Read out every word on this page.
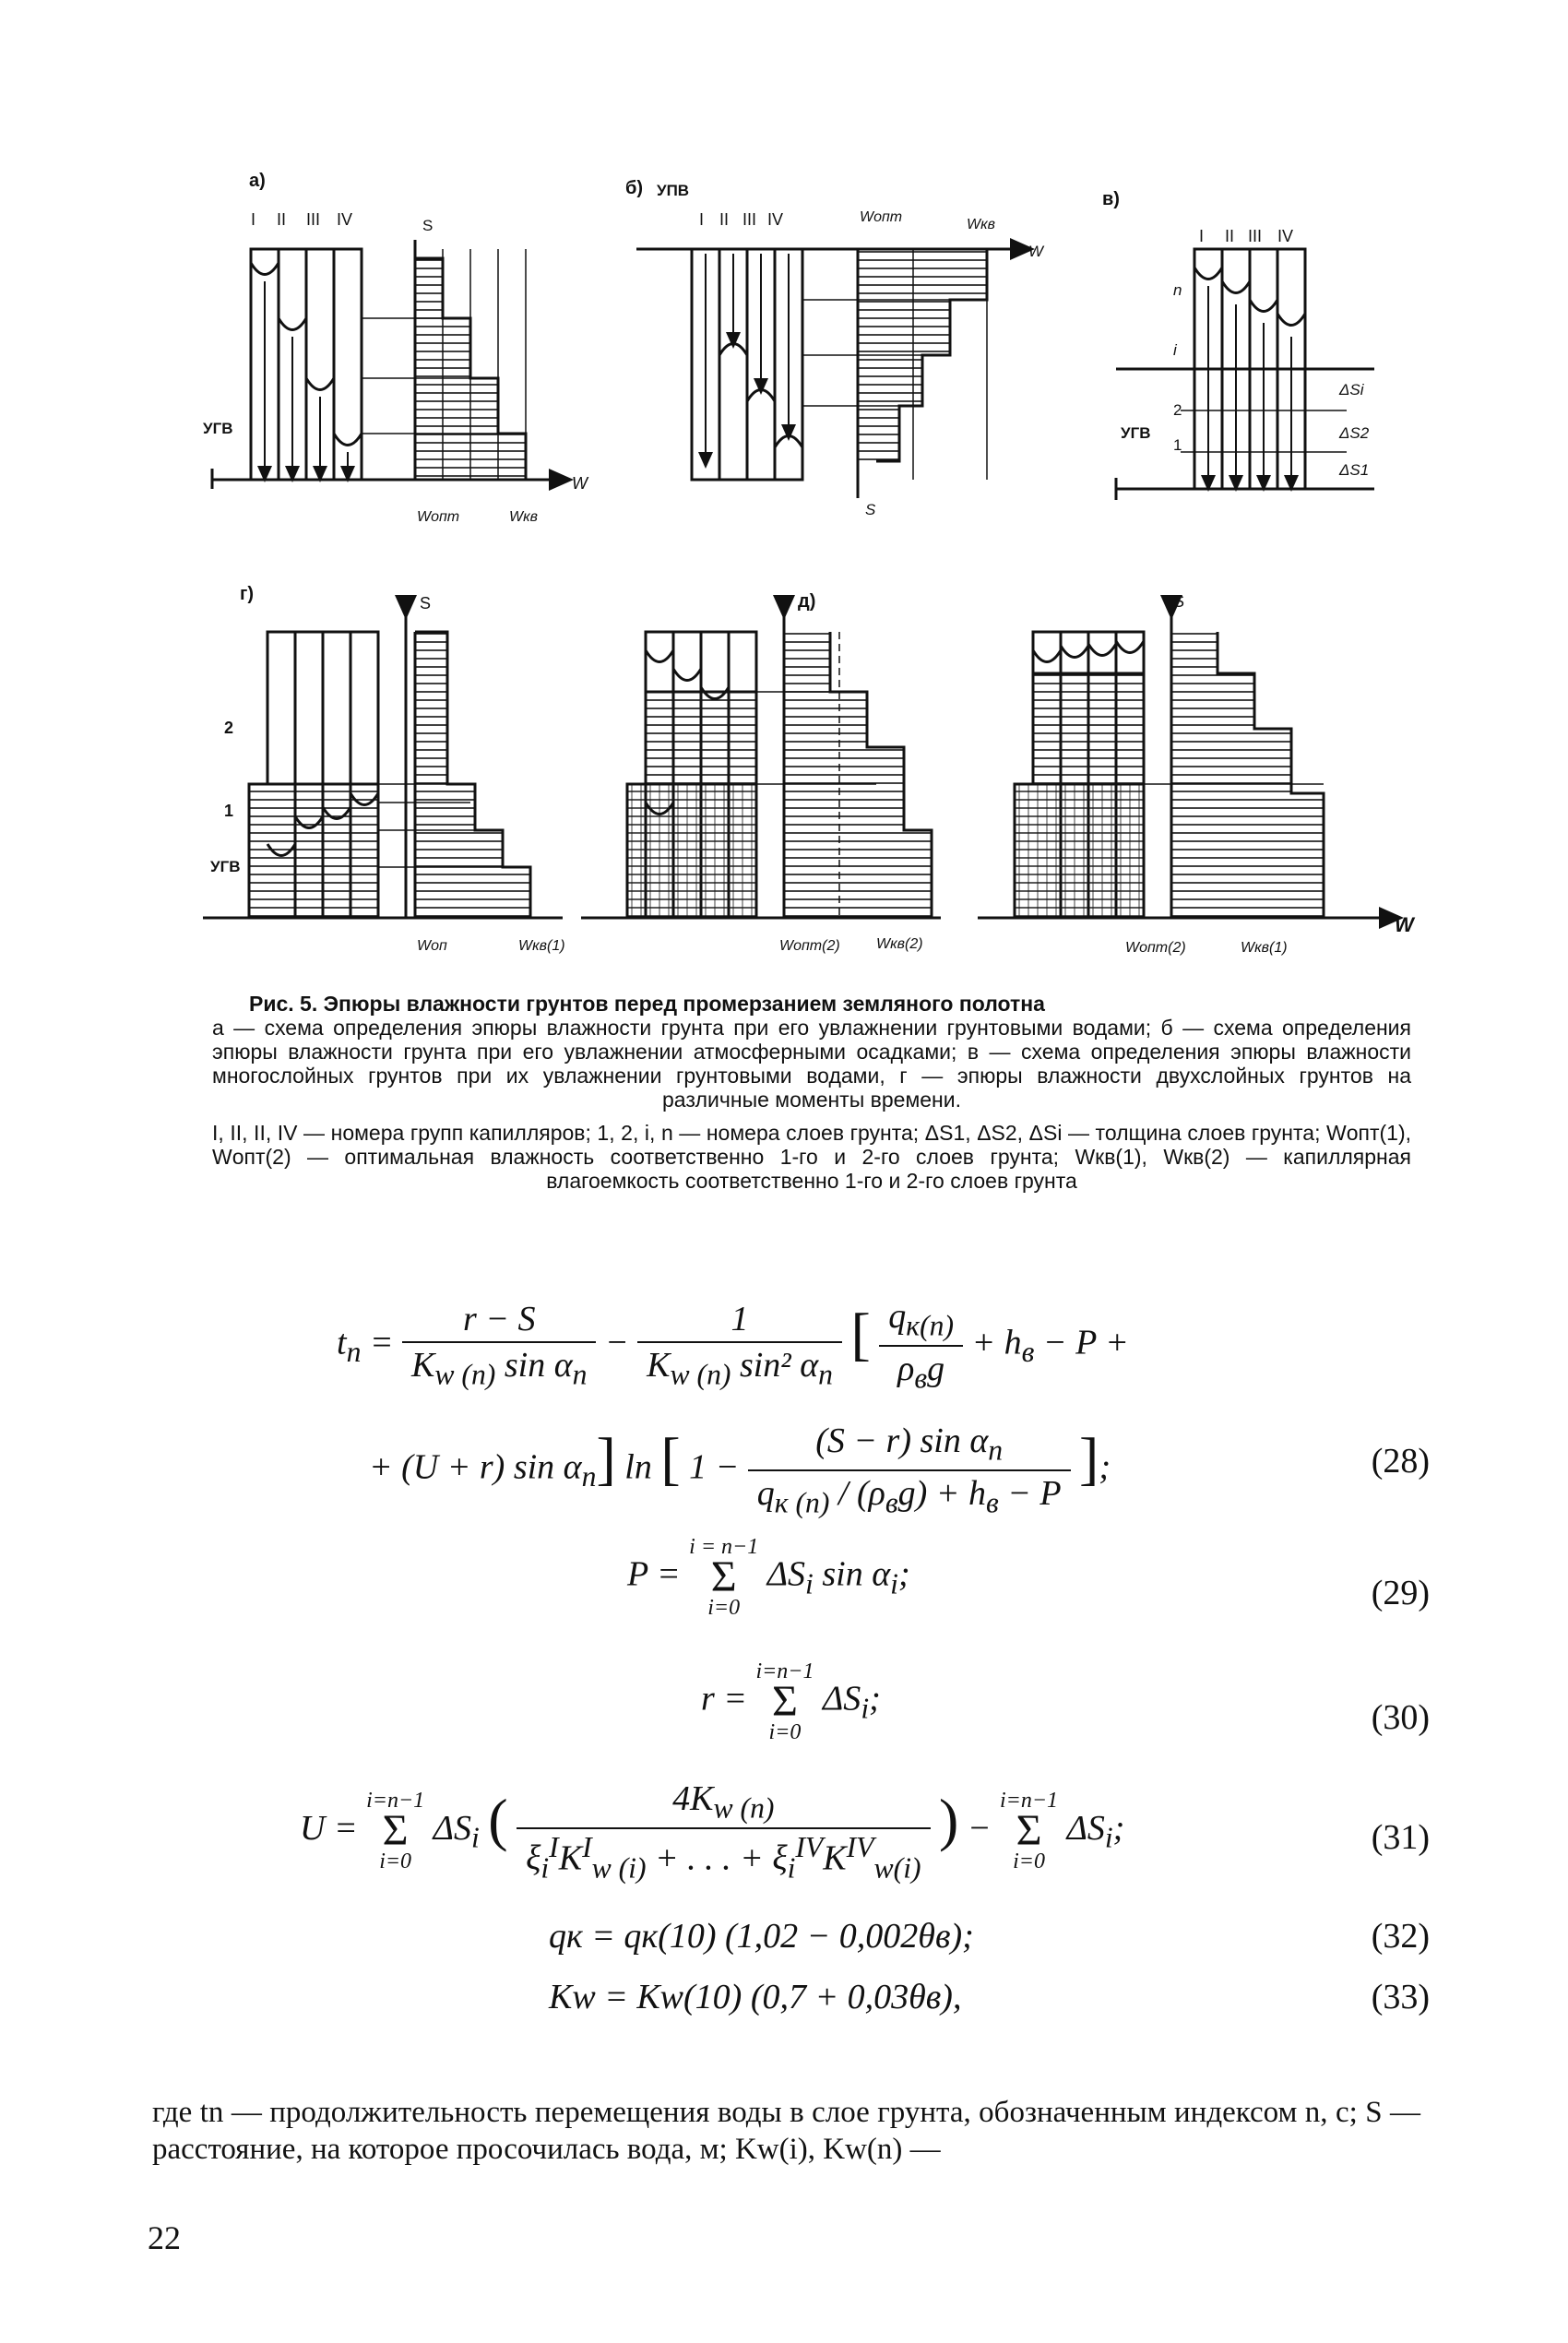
а)
I II III IV
УГВ
S
W
Wопт	Wкв
б) УПВ
I II III IV	Wопт	Wкв
W
S
в)
I II III IV
n
i
2
1
ΔSi
ΔS2
ΔS1
УГВ
г)
2
1
УГВ
S
Wоп	Wкв(1)
д)
Wопт(2) Wкв(2)
S
Wопт(2)	Wкв(1)
W
Рис. 5. Эпюры влажности грунтов перед промерзанием земляного полотна
а — схема определения эпюры влажности грунта при его увлажнении грунтовыми водами; б — схема определения эпюры влажности грунта при его увлажнении атмосферными осадками; в — схема определения эпюры влажности многослойных грунтов при их увлажнении грунтовыми водами, г — эпюры влажности двухслойных грунтов на различные моменты времени.
I, II, II, IV — номера групп капилляров; 1, 2, i, n — номера слоев грунта; ΔS1, ΔS2, ΔSi — толщина слоев грунта; Wопт(1), Wопт(2) — оптимальная влажность соответственно 1-го и 2-го слоев грунта; Wкв(1), Wкв(2) — капиллярная влагоемкость соответственно 1-го и 2-го слоев грунта
$t_n = \frac{r - S}{K_{w (n)} \sin \alpha_n} - \frac{1}{K_{w (n)} \sin^2 \alpha_n}$ [ $\frac{q_{к(n)}}{\rho_вg} + h_в - P$ +
+ (U + r) $\sin \alpha_n$] ln [ $1 - \frac{(S - r) \sin \alpha_n}{q_{к (n)} / (\rho_вg) + h_в - P}$ ];	(28)
P = i = n−1
Σ
i=0 $\Delta S_i$ $\sin \alpha_i$;	(29)
r = i=n−1
Σ
i=0 $\Delta S_i$;	(30)
U = i=n−1
Σ
i=0 $\Delta S_i$ ( $\frac{4K_{w (n)}}{\xi_i^IK^I_{w (i)} + . . . + \xi_i^{IV}K^{IV}_{w(i)}}$ ) − i=n−1
Σ
i=0 $\Delta S_i$;	(31)
qк = qк(10) (1,02 − 0,002θв);	(32)
Kw = Kw(10) (0,7 + 0,03θв),	(33)
где tn — продолжительность перемещения воды в слое грунта, обозначенным индексом n, с; S — расстояние, на которое просочилась вода, м; Kw(i), Kw(n) —
22
